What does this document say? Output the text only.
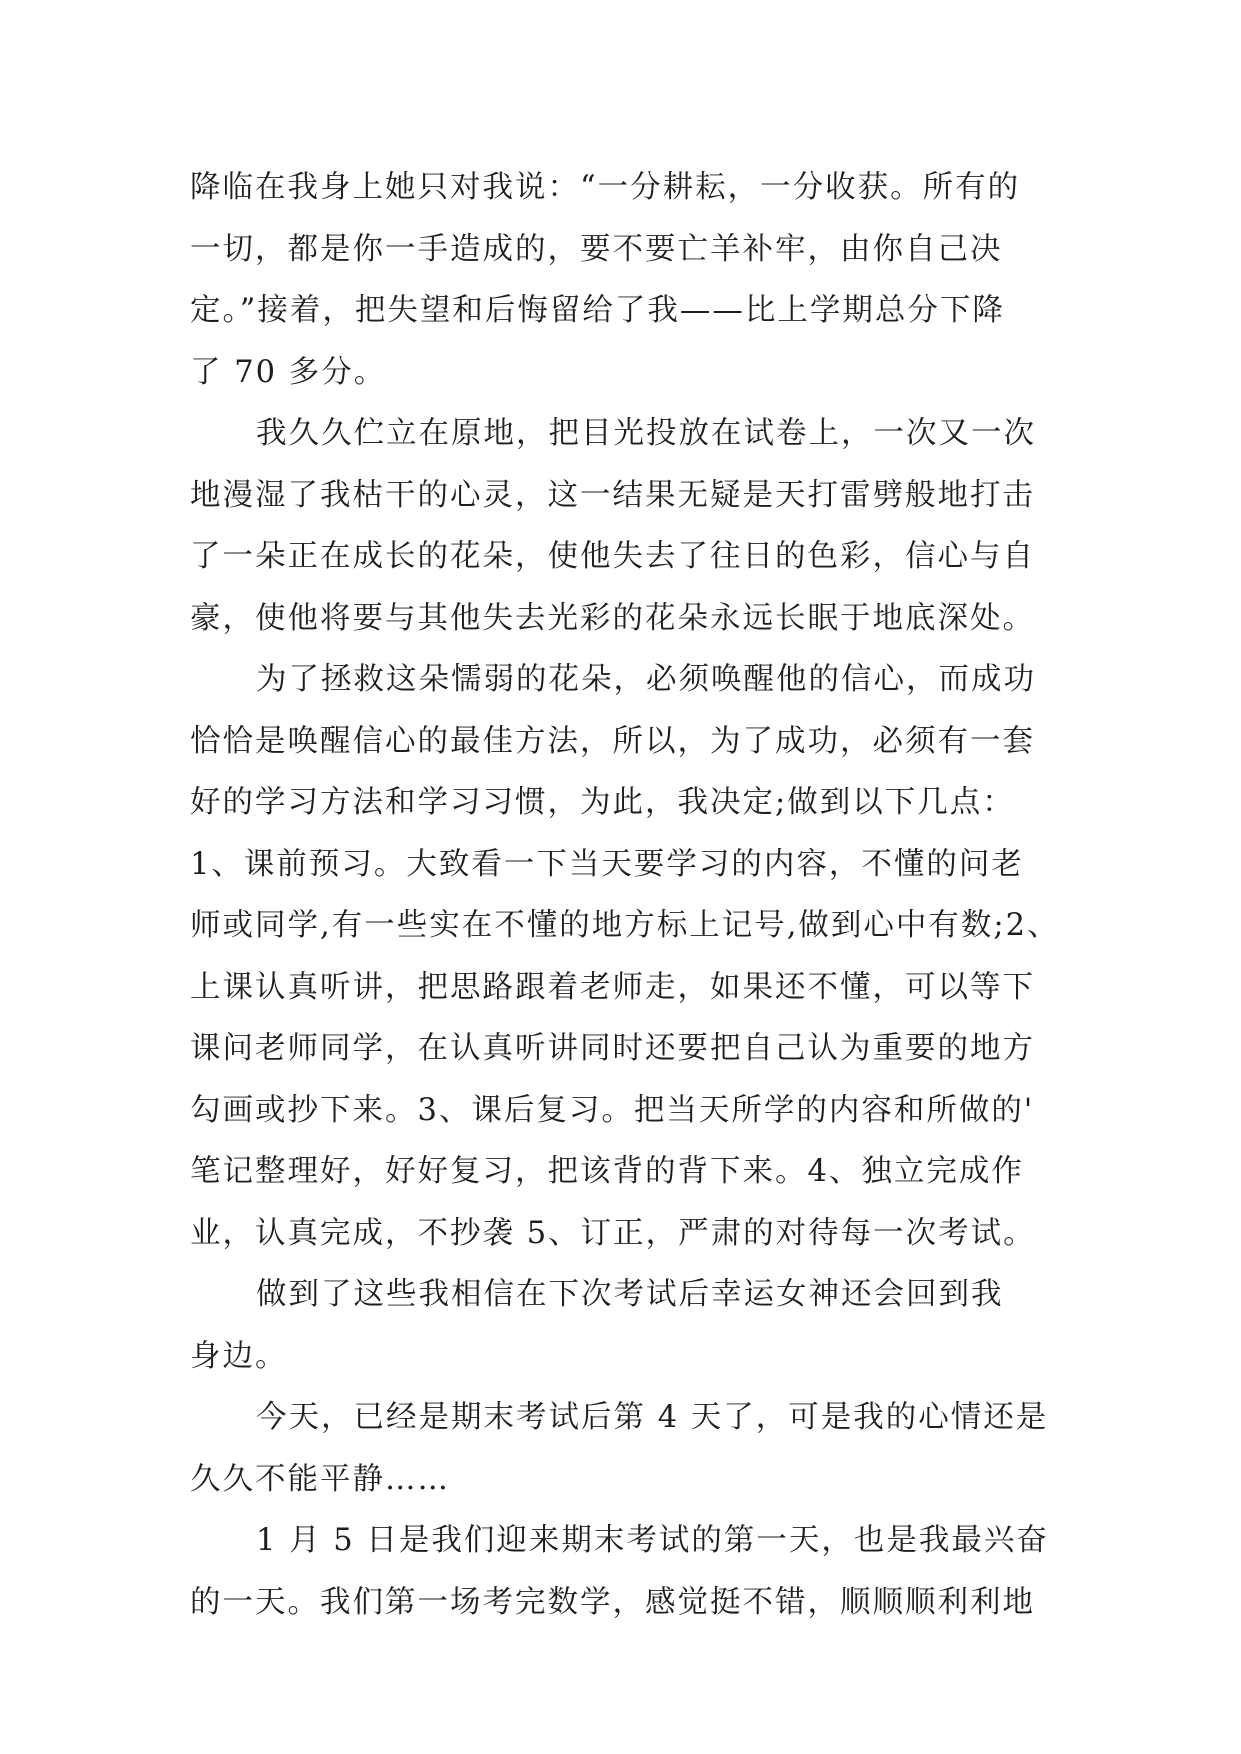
降临在我身上她只对我说：“一分耕耘，一分收获。所有的
一切，都是你一手造成的，要不要亡羊补牢，由你自己决
定。”接着，把失望和后悔留给了我——比上学期总分下降
了 70 多分。
我久久伫立在原地，把目光投放在试卷上，一次又一次
地漫湿了我枯干的心灵，这一结果无疑是天打雷劈般地打击
了一朵正在成长的花朵，使他失去了往日的色彩，信心与自
豪，使他将要与其他失去光彩的花朵永远长眠于地底深处。
为了拯救这朵懦弱的花朵，必须唤醒他的信心，而成功
恰恰是唤醒信心的最佳方法，所以，为了成功，必须有一套
好的学习方法和学习习惯，为此，我决定;做到以下几点：
1、课前预习。大致看一下当天要学习的内容，不懂的问老
师或同学,有一些实在不懂的地方标上记号,做到心中有数;2、
上课认真听讲，把思路跟着老师走，如果还不懂，可以等下
课问老师同学，在认真听讲同时还要把自己认为重要的地方
勾画或抄下来。3、课后复习。把当天所学的内容和所做的'
笔记整理好，好好复习，把该背的背下来。4、独立完成作
业，认真完成，不抄袭 5、订正，严肃的对待每一次考试。
做到了这些我相信在下次考试后幸运女神还会回到我
身边。
今天，已经是期末考试后第 4 天了，可是我的心情还是
久久不能平静……
1 月 5 日是我们迎来期末考试的第一天，也是我最兴奋
的一天。我们第一场考完数学，感觉挺不错，顺顺顺利利地
